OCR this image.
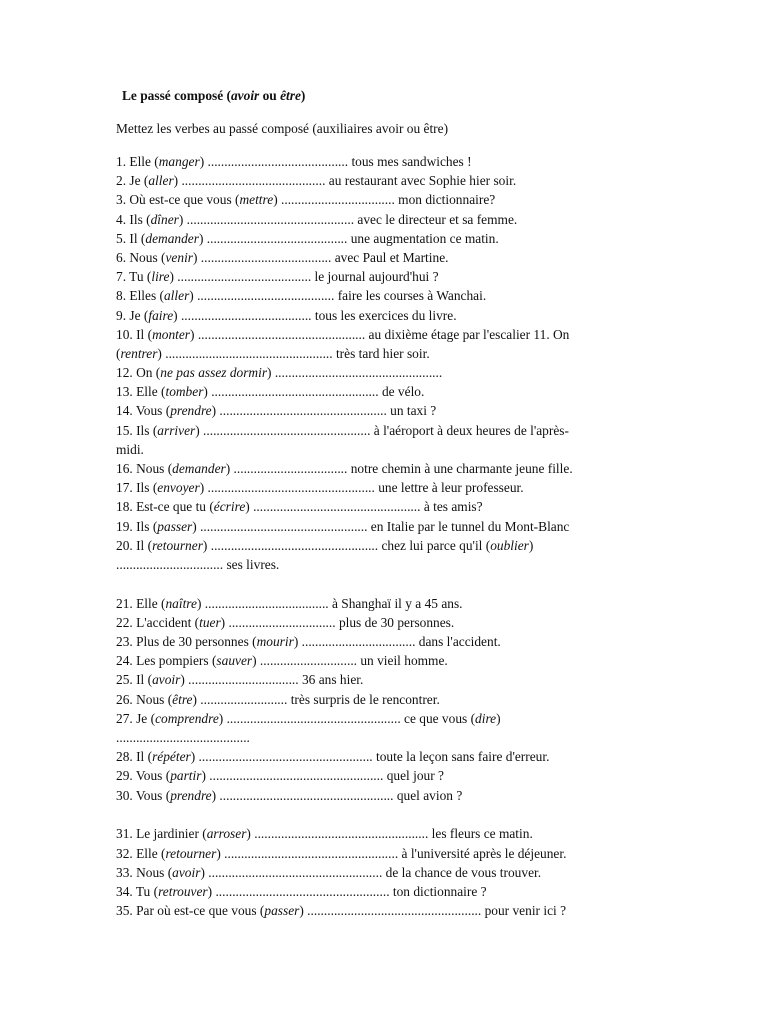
Le passé composé (avoir ou être)
Mettez les verbes au passé composé (auxiliaires avoir ou être)
1. Elle (manger) .......................................... tous mes sandwiches !
2. Je (aller) ........................................... au restaurant avec Sophie hier soir.
3. Où est-ce que vous (mettre) .................................. mon dictionnaire?
4. Ils (dîner) .................................................. avec le directeur et sa femme.
5. Il (demander) .......................................... une augmentation ce matin.
6. Nous (venir) ....................................... avec Paul et Martine.
7. Tu (lire) ........................................ le journal aujourd'hui ?
8. Elles (aller) ......................................... faire les courses à Wanchai.
9. Je (faire) ....................................... tous les exercices du livre.
10. Il (monter) .................................................. au dixième étage par l'escalier 11. On
(rentrer) .................................................. très tard hier soir.
12. On (ne pas assez dormir) ..................................................
13. Elle (tomber) .................................................. de vélo.
14. Vous (prendre) .................................................. un taxi ?
15. Ils (arriver) .................................................. à l'aéroport à deux heures de l'après-
midi.
16. Nous (demander) .................................. notre chemin à une charmante jeune fille.
17. Ils (envoyer) .................................................. une lettre à leur professeur.
18. Est-ce que tu (écrire) .................................................. à tes amis?
19. Ils (passer) .................................................. en Italie par le tunnel du Mont-Blanc
20. Il (retourner) .................................................. chez lui parce qu'il (oublier)
................................ ses livres.
21. Elle (naître) ..................................... à Shanghaï il y a 45 ans.
22. L'accident (tuer) ................................ plus de 30 personnes.
23. Plus de 30 personnes (mourir) .................................. dans l'accident.
24. Les pompiers (sauver) ............................. un vieil homme.
25. Il (avoir) ................................. 36 ans hier.
26. Nous (être) .......................... très surpris de le rencontrer.
27. Je (comprendre) .................................................... ce que vous (dire)
........................................
28. Il (répéter) .................................................... toute la leçon sans faire d'erreur.
29. Vous (partir) .................................................... quel jour ?
30. Vous (prendre) .................................................... quel avion ?
31. Le jardinier (arroser) .................................................... les fleurs ce matin.
32. Elle (retourner) .................................................... à l'université après le déjeuner.
33. Nous (avoir) .................................................... de la chance de vous trouver.
34. Tu (retrouver) .................................................... ton dictionnaire ?
35. Par où est-ce que vous (passer) .................................................... pour venir ici ?
